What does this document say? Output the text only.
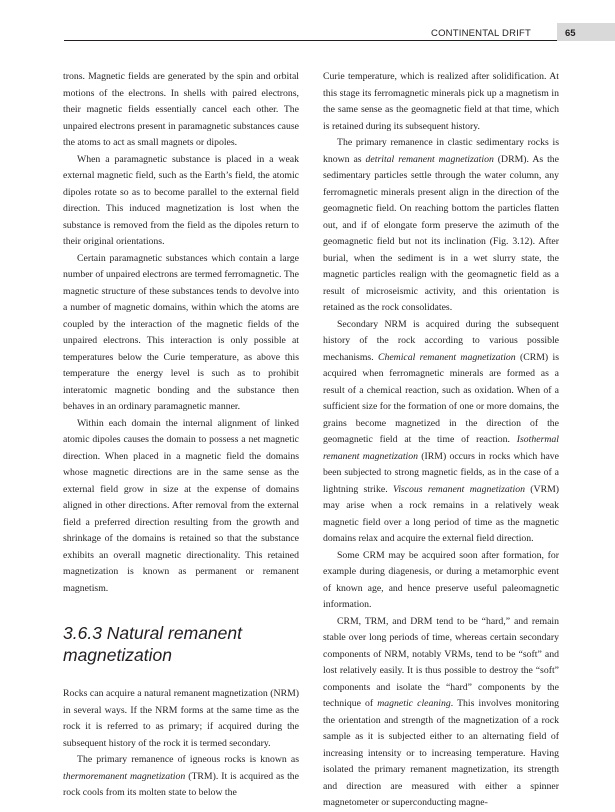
CONTINENTAL DRIFT	65

trons. Magnetic fields are generated by the spin and orbital motions of the electrons. In shells with paired electrons, their magnetic fields essentially cancel each other. The unpaired electrons present in paramagnetic substances cause the atoms to act as small magnets or dipoles.

When a paramagnetic substance is placed in a weak external magnetic field, such as the Earth’s field, the atomic dipoles rotate so as to become parallel to the external field direction. This induced magnetization is lost when the substance is removed from the field as the dipoles return to their original orientations.

Certain paramagnetic substances which contain a large number of unpaired electrons are termed ferromagnetic. The magnetic structure of these substances tends to devolve into a number of magnetic domains, within which the atoms are coupled by the interaction of the magnetic fields of the unpaired electrons. This interaction is only possible at temperatures below the Curie temperature, as above this temperature the energy level is such as to prohibit interatomic magnetic bonding and the substance then behaves in an ordinary paramagnetic manner.

Within each domain the internal alignment of linked atomic dipoles causes the domain to possess a net magnetic direction. When placed in a magnetic field the domains whose magnetic directions are in the same sense as the external field grow in size at the expense of domains aligned in other directions. After removal from the external field a preferred direction resulting from the growth and shrinkage of the domains is retained so that the substance exhibits an overall magnetic directionality. This retained magnetization is known as permanent or remanent magnetism.

3.6.3 Natural remanent magnetization

Rocks can acquire a natural remanent magnetization (NRM) in several ways. If the NRM forms at the same time as the rock it is referred to as primary; if acquired during the subsequent history of the rock it is termed secondary.

The primary remanence of igneous rocks is known as thermoremanent magnetization (TRM). It is acquired as the rock cools from its molten state to below the

Curie temperature, which is realized after solidification. At this stage its ferromagnetic minerals pick up a magnetism in the same sense as the geomagnetic field at that time, which is retained during its subsequent history.

The primary remanence in clastic sedimentary rocks is known as detrital remanent magnetization (DRM). As the sedimentary particles settle through the water column, any ferromagnetic minerals present align in the direction of the geomagnetic field. On reaching bottom the particles flatten out, and if of elongate form preserve the azimuth of the geomagnetic field but not its inclination (Fig. 3.12). After burial, when the sediment is in a wet slurry state, the magnetic particles realign with the geomagnetic field as a result of microseismic activity, and this orientation is retained as the rock consolidates.

Secondary NRM is acquired during the subsequent history of the rock according to various possible mechanisms. Chemical remanent magnetization (CRM) is acquired when ferromagnetic minerals are formed as a result of a chemical reaction, such as oxidation. When of a sufficient size for the formation of one or more domains, the grains become magnetized in the direction of the geomagnetic field at the time of reaction. Isothermal remanent magnetization (IRM) occurs in rocks which have been subjected to strong magnetic fields, as in the case of a lightning strike. Viscous remanent magnetization (VRM) may arise when a rock remains in a relatively weak magnetic field over a long period of time as the magnetic domains relax and acquire the external field direction.

Some CRM may be acquired soon after formation, for example during diagenesis, or during a metamorphic event of known age, and hence preserve useful paleomagnetic information.

CRM, TRM, and DRM tend to be “hard,” and remain stable over long periods of time, whereas certain secondary components of NRM, notably VRMs, tend to be “soft” and lost relatively easily. It is thus possible to destroy the “soft” components and isolate the “hard” components by the technique of magnetic cleaning. This involves monitoring the orientation and strength of the magnetization of a rock sample as it is subjected either to an alternating field of increasing intensity or to increasing temperature. Having isolated the primary remanent magnetization, its strength and direction are measured with either a spinner magnetometer or superconducting magne-
